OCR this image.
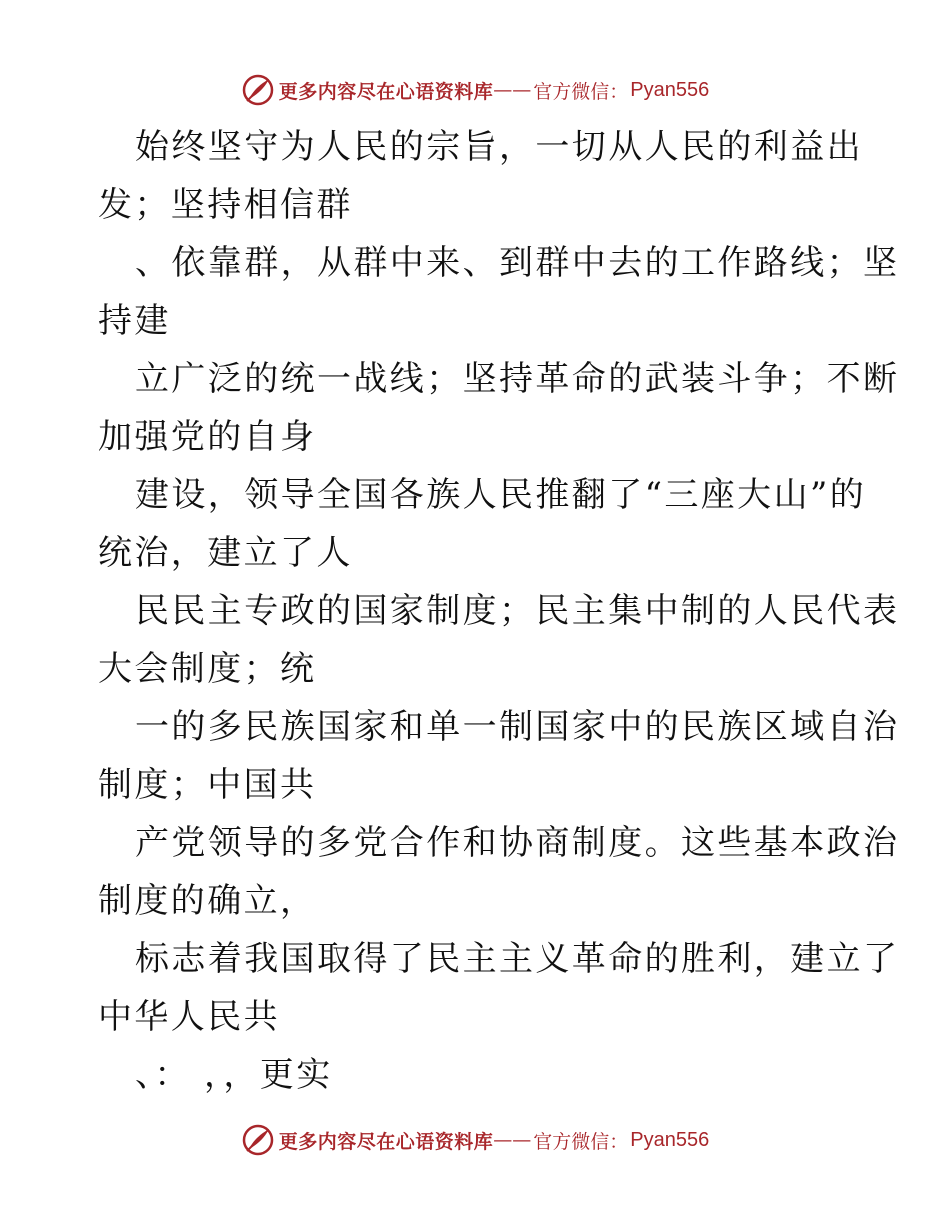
更多内容尽在心语资料库 —— 官方微信： Pyan556
始终坚守为人民的宗旨，一切从人民的利益出
发；坚持相信群
、依靠群，从群中来、到群中去的工作路线；坚
持建
立广泛的统一战线；坚持革命的武装斗争；不断
加强党的自身
建设，领导全国各族人民推翻了“三座大山”的
统治，建立了人
民民主专政的国家制度；民主集中制的人民代表
大会制度；统
一的多民族国家和单一制国家中的民族区域自治
制度；中国共
产党领导的多党合作和协商制度。这些基本政治
制度的确立，
标志着我国取得了民主主义革命的胜利，建立了
中华人民共
、： ，，更实
更多内容尽在心语资料库 —— 官方微信： Pyan556
